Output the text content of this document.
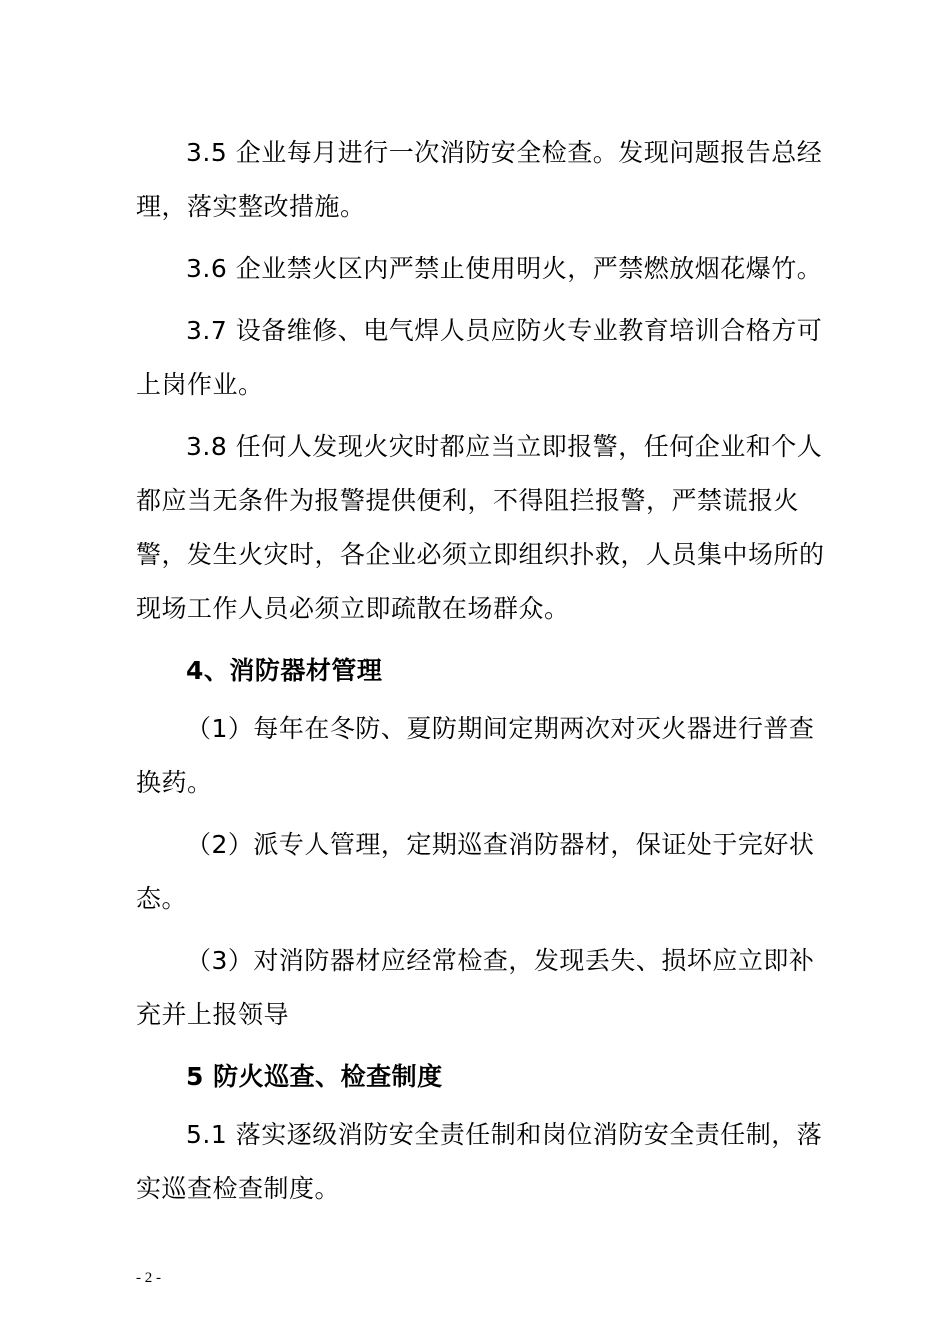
3.5 企业每月进行一次消防安全检查。发现问题报告总经理，落实整改措施。

3.6 企业禁火区内严禁止使用明火，严禁燃放烟花爆竹。

3.7 设备维修、电气焊人员应防火专业教育培训合格方可上岗作业。

3.8 任何人发现火灾时都应当立即报警，任何企业和个人都应当无条件为报警提供便利，不得阻拦报警，严禁谎报火警，发生火灾时，各企业必须立即组织扑救，人员集中场所的现场工作人员必须立即疏散在场群众。

4、消防器材管理

（1）每年在冬防、夏防期间定期两次对灭火器进行普查换药。

（2）派专人管理，定期巡查消防器材，保证处于完好状态。

（3）对消防器材应经常检查，发现丢失、损坏应立即补充并上报领导

5 防火巡查、检查制度

5.1 落实逐级消防安全责任制和岗位消防安全责任制，落实巡查检查制度。

- 2 -
